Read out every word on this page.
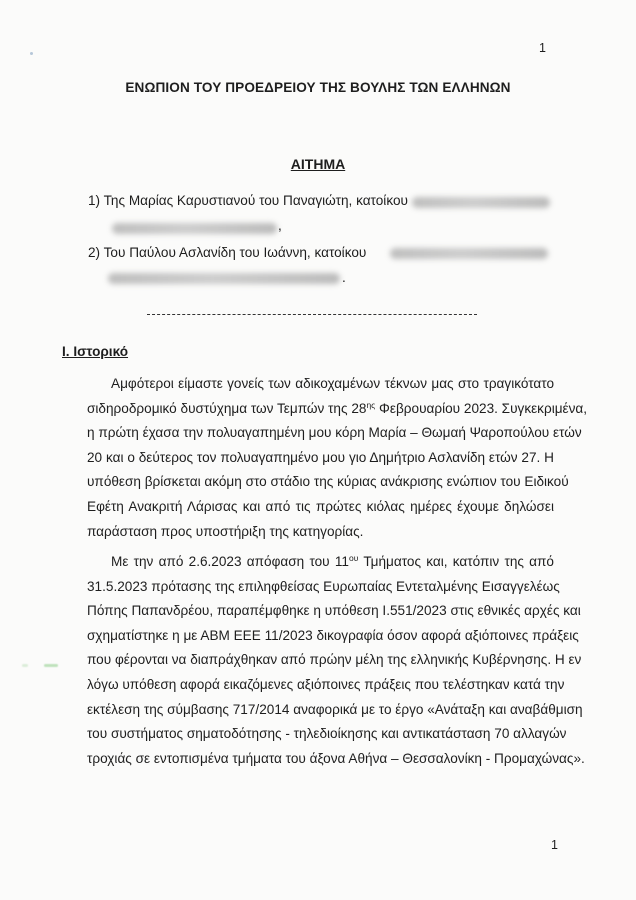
1
ΕΝΩΠΙΟΝ ΤΟΥ ΠΡΟΕΔΡΕΙΟΥ ΤΗΣ ΒΟΥΛΗΣ ΤΩΝ ΕΛΛΗΝΩΝ
ΑΙΤΗΜΑ
1) Της Μαρίας Καρυστιανού του Παναγιώτη, κατοίκου
,
2) Του Παύλου Ασλανίδη του Ιωάννη, κατοίκου
.
Ι. Ιστορικό
Αμφότεροι είμαστε γονείς των αδικοχαμένων τέκνων μας στο τραγικότατο
σιδηροδρομικό δυστύχημα των Τεμπών της $28^{\eta\varsigma}$ Φεβρουαρίου 2023. Συγκεκριμένα,
η πρώτη έχασα την πολυαγαπημένη μου κόρη Μαρία – Θωμαή Ψαροπούλου ετών
20 και ο δεύτερος τον πολυαγαπημένο μου γιο Δημήτριο Ασλανίδη ετών 27. Η
υπόθεση βρίσκεται ακόμη στο στάδιο της κύριας ανάκρισης ενώπιον του Ειδικού
Εφέτη Ανακριτή Λάρισας και από τις πρώτες κιόλας ημέρες έχουμε δηλώσει
παράσταση προς υποστήριξη της κατηγορίας.
Με την από 2.6.2023 απόφαση του $11^{o\upsilon}$ Τμήματος και, κατόπιν της από
31.5.2023 πρότασης της επιληφθείσας Ευρωπαίας Εντεταλμένης Εισαγγελέως
Πόπης Παπανδρέου, παραπέμφθηκε η υπόθεση Ι.551/2023 στις εθνικές αρχές και
σχηματίστηκε η με ΑΒΜ ΕΕΕ 11/2023 δικογραφία όσον αφορά αξιόποινες πράξεις
που φέρονται να διαπράχθηκαν από πρώην μέλη της ελληνικής Κυβέρνησης. Η εν
λόγω υπόθεση αφορά εικαζόμενες αξιόποινες πράξεις που τελέστηκαν κατά την
εκτέλεση της σύμβασης 717/2014 αναφορικά με το έργο «Ανάταξη και αναβάθμιση
του συστήματος σηματοδότησης - τηλεδιοίκησης και αντικατάσταση 70 αλλαγών
τροχιάς σε εντοπισμένα τμήματα του άξονα Αθήνα – Θεσσαλονίκη - Προμαχώνας».
1
